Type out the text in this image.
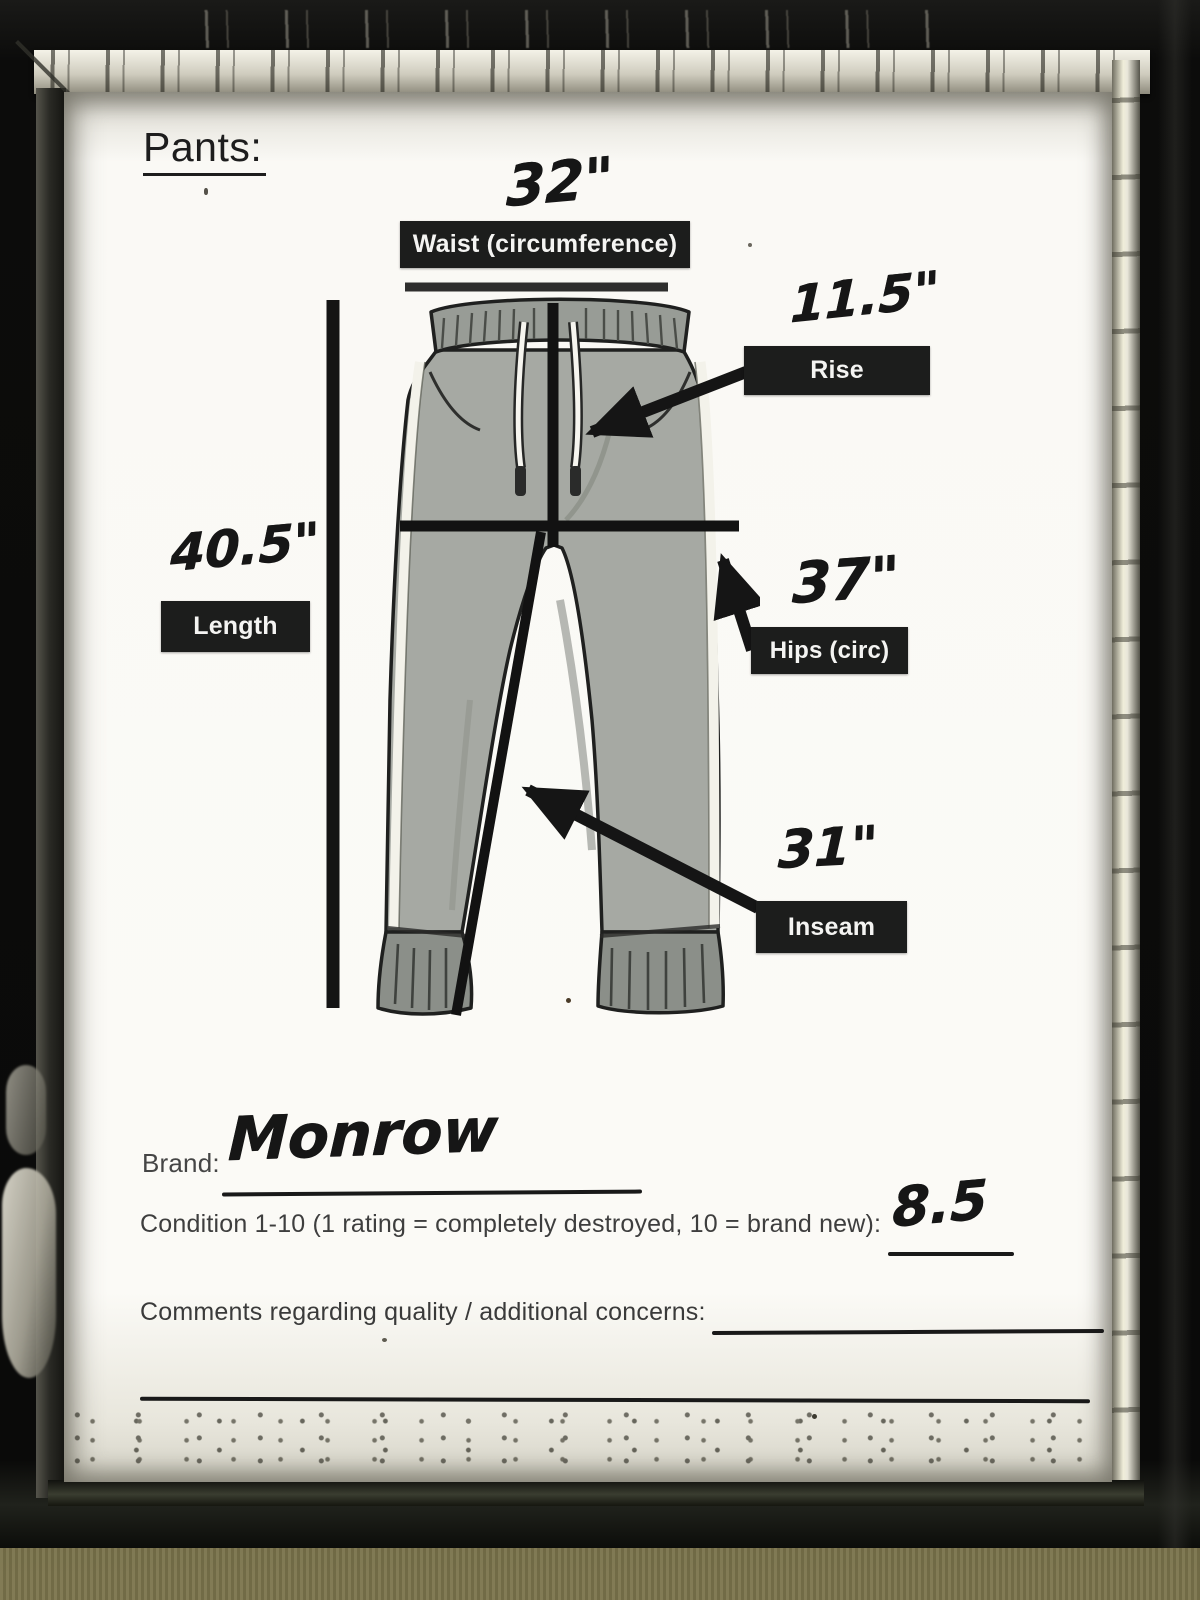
Pants:
Waist (circumference)
Rise
Length
Hips (circ)
Inseam
32"
11.5"
40.5"	37"
31"
Brand: Monrow
Condition 1-10 (1 rating = completely destroyed, 10 = brand new): 8.5
Comments regarding quality / additional concerns:
